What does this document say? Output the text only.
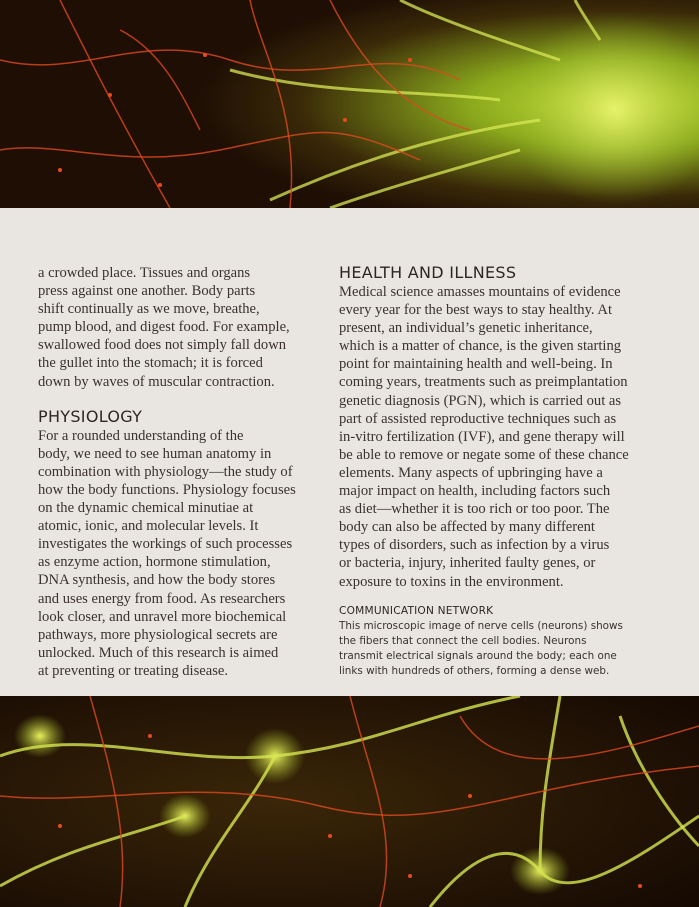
a crowded place. Tissues and organs

press against one another. Body parts

shift continually as we move, breathe,

pump blood, and digest food. For example,

swallowed food does not simply fall down

the gullet into the stomach; it is forced

down by waves of muscular contraction.

PHYSIOLOGY

For a rounded understanding of the

body, we need to see human anatomy in

combination with physiology—the study of

how the body functions. Physiology focuses

on the dynamic chemical minutiae at

atomic, ionic, and molecular levels. It

investigates the workings of such processes

as enzyme action, hormone stimulation,

DNA synthesis, and how the body stores

and uses energy from food. As researchers

look closer, and unravel more biochemical

pathways, more physiological secrets are

unlocked. Much of this research is aimed

at preventing or treating disease.

HEALTH AND ILLNESS

Medical science amasses mountains of evidence

every year for the best ways to stay healthy. At

present, an individual’s genetic inheritance,

which is a matter of chance, is the given starting

point for maintaining health and well-being. In

coming years, treatments such as preimplantation

genetic diagnosis (PGN), which is carried out as

part of assisted reproductive techniques such as

in-vitro fertilization (IVF), and gene therapy will

be able to remove or negate some of these chance

elements. Many aspects of upbringing have a

major impact on health, including factors such

as diet—whether it is too rich or too poor. The

body can also be affected by many different

types of disorders, such as infection by a virus

or bacteria, injury, inherited faulty genes, or

exposure to toxins in the environment.

COMMUNICATION NETWORK

This microscopic image of nerve cells (neurons) shows

the fibers that connect the cell bodies. Neurons

transmit electrical signals around the body; each one

links with hundreds of others, forming a dense web.
